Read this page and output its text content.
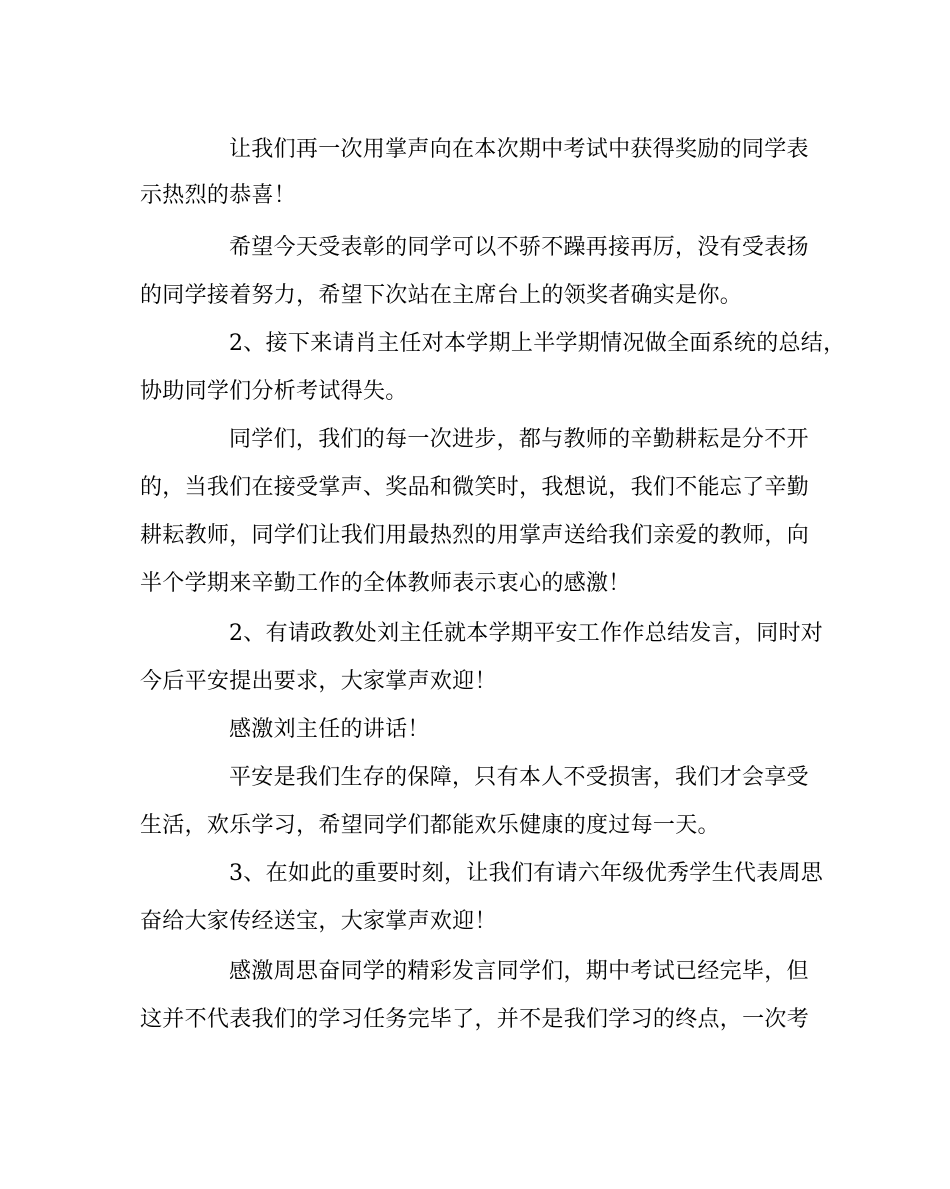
让我们再一次用掌声向在本次期中考试中获得奖励的同学表
示热烈的恭喜！
希望今天受表彰的同学可以不骄不躁再接再厉，没有受表扬
的同学接着努力，希望下次站在主席台上的领奖者确实是你。
2、接下来请肖主任对本学期上半学期情况做全面系统的总结，
协助同学们分析考试得失。
同学们，我们的每一次进步，都与教师的辛勤耕耘是分不开
的，当我们在接受掌声、奖品和微笑时，我想说，我们不能忘了辛勤
耕耘教师，同学们让我们用最热烈的用掌声送给我们亲爱的教师，向
半个学期来辛勤工作的全体教师表示衷心的感激！
2、有请政教处刘主任就本学期平安工作作总结发言，同时对
今后平安提出要求，大家掌声欢迎！
感激刘主任的讲话！
平安是我们生存的保障，只有本人不受损害，我们才会享受
生活，欢乐学习，希望同学们都能欢乐健康的度过每一天。
3、在如此的重要时刻，让我们有请六年级优秀学生代表周思
奋给大家传经送宝，大家掌声欢迎！
感激周思奋同学的精彩发言同学们，期中考试已经完毕，但
这并不代表我们的学习任务完毕了，并不是我们学习的终点，一次考
